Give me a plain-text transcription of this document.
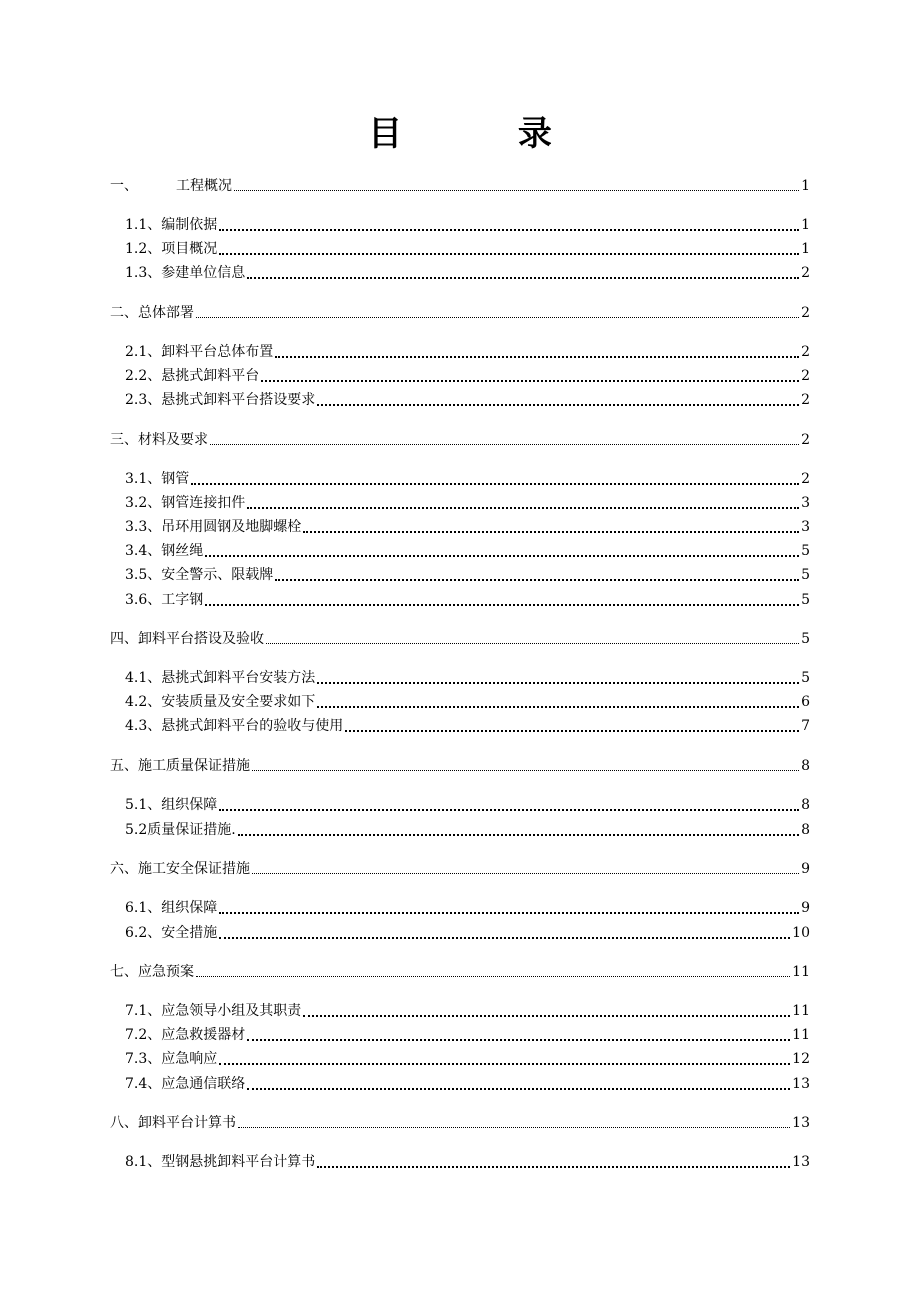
目 录
一、	工程概况	1
1.1、编制依据	1
1.2、项目概况	1
1.3、参建单位信息	2
二、总体部署	2
2.1、卸料平台总体布置	2
2.2、悬挑式卸料平台	2
2.3、悬挑式卸料平台搭设要求	2
三、材料及要求	2
3.1、钢管	2
3.2、钢管连接扣件	3
3.3、吊环用圆钢及地脚螺栓	3
3.4、钢丝绳	5
3.5、安全警示、限载牌	5
3.6、工字钢	5
四、卸料平台搭设及验收	5
4.1、悬挑式卸料平台安装方法	5
4.2、安装质量及安全要求如下	6
4.3、悬挑式卸料平台的验收与使用	7
五、施工质量保证措施	8
5.1、组织保障	8
5.2质量保证措施.	8
六、施工安全保证措施	9
6.1、组织保障	9
6.2、安全措施	10
七、应急预案	11
7.1、应急领导小组及其职责	11
7.2、应急救援器材	11
7.3、应急响应	12
7.4、应急通信联络	13
八、卸料平台计算书	13
8.1、型钢悬挑卸料平台计算书	13
